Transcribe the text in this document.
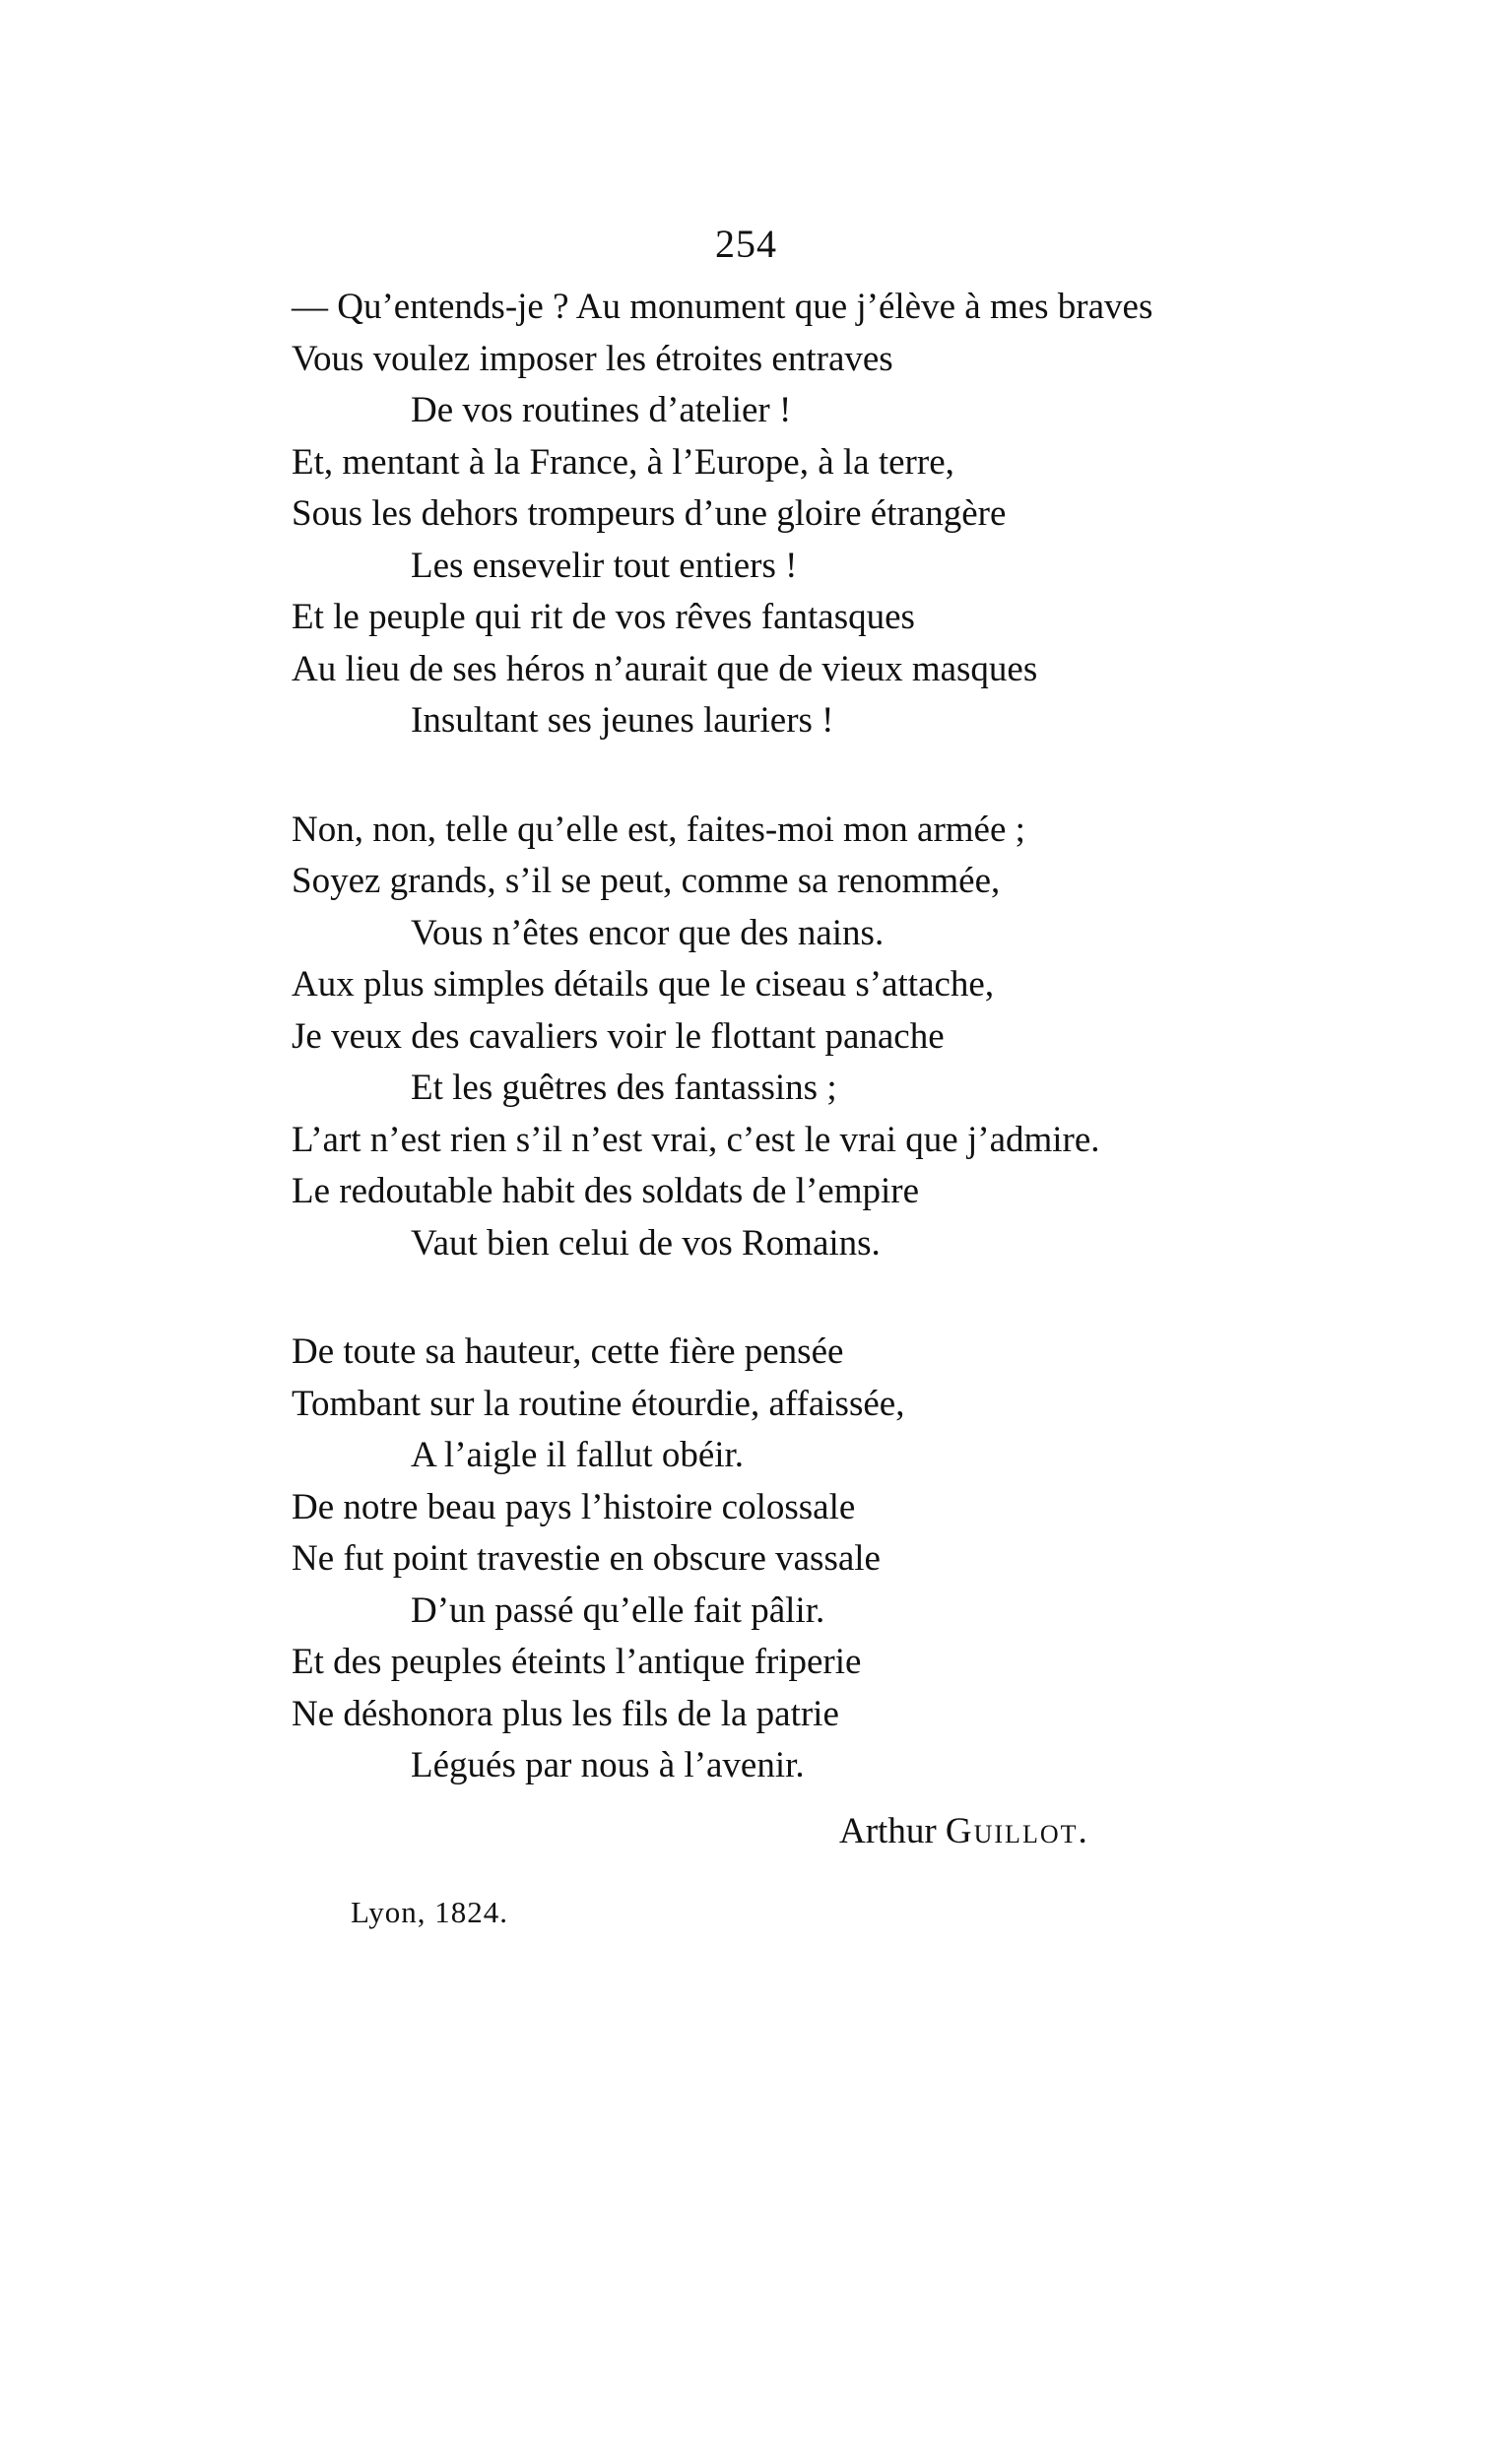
254
— Qu’entends-je ? Au monument que j’élève à mes braves
Vous voulez imposer les étroites entraves
De vos routines d’atelier !
Et, mentant à la France, à l’Europe, à la terre,
Sous les dehors trompeurs d’une gloire étrangère
Les ensevelir tout entiers !
Et le peuple qui rit de vos rêves fantasques
Au lieu de ses héros n’aurait que de vieux masques
Insultant ses jeunes lauriers !
Non, non, telle qu’elle est, faites-moi mon armée ;
Soyez grands, s’il se peut, comme sa renommée,
Vous n’êtes encor que des nains.
Aux plus simples détails que le ciseau s’attache,
Je veux des cavaliers voir le flottant panache
Et les guêtres des fantassins ;
L’art n’est rien s’il n’est vrai, c’est le vrai que j’admire.
Le redoutable habit des soldats de l’empire
Vaut bien celui de vos Romains.
De toute sa hauteur, cette fière pensée
Tombant sur la routine étourdie, affaissée,
A l’aigle il fallut obéir.
De notre beau pays l’histoire colossale
Ne fut point travestie en obscure vassale
D’un passé qu’elle fait pâlir.
Et des peuples éteints l’antique friperie
Ne déshonora plus les fils de la patrie
Légués par nous à l’avenir.
Arthur Guillot.
Lyon, 1824.
